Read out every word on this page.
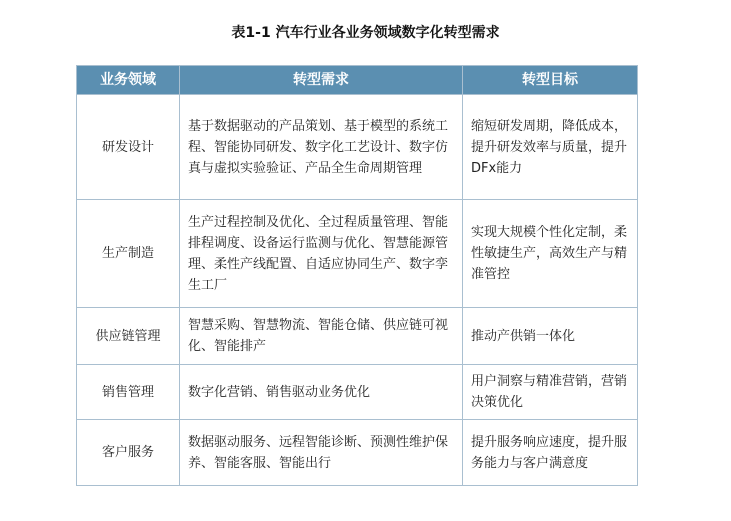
表1-1 汽车行业各业务领域数字化转型需求
业务领域	转型需求	转型目标
研发设计	基于数据驱动的产品策划、基于模型的系统工程、智能协同研发、数字化工艺设计、数字仿真与虚拟实验验证、产品全生命周期管理	缩短研发周期，降低成本，提升研发效率与质量，提升DFx能力
生产制造	生产过程控制及优化、全过程质量管理、智能排程调度、设备运行监测与优化、智慧能源管理、柔性产线配置、自适应协同生产、数字孪生工厂	实现大规模个性化定制，柔性敏捷生产，高效生产与精准管控
供应链管理	智慧采购、智慧物流、智能仓储、供应链可视化、智能排产	推动产供销一体化
销售管理	数字化营销、销售驱动业务优化	用户洞察与精准营销，营销决策优化
客户服务	数据驱动服务、远程智能诊断、预测性维护保养、智能客服、智能出行	提升服务响应速度，提升服务能力与客户满意度
